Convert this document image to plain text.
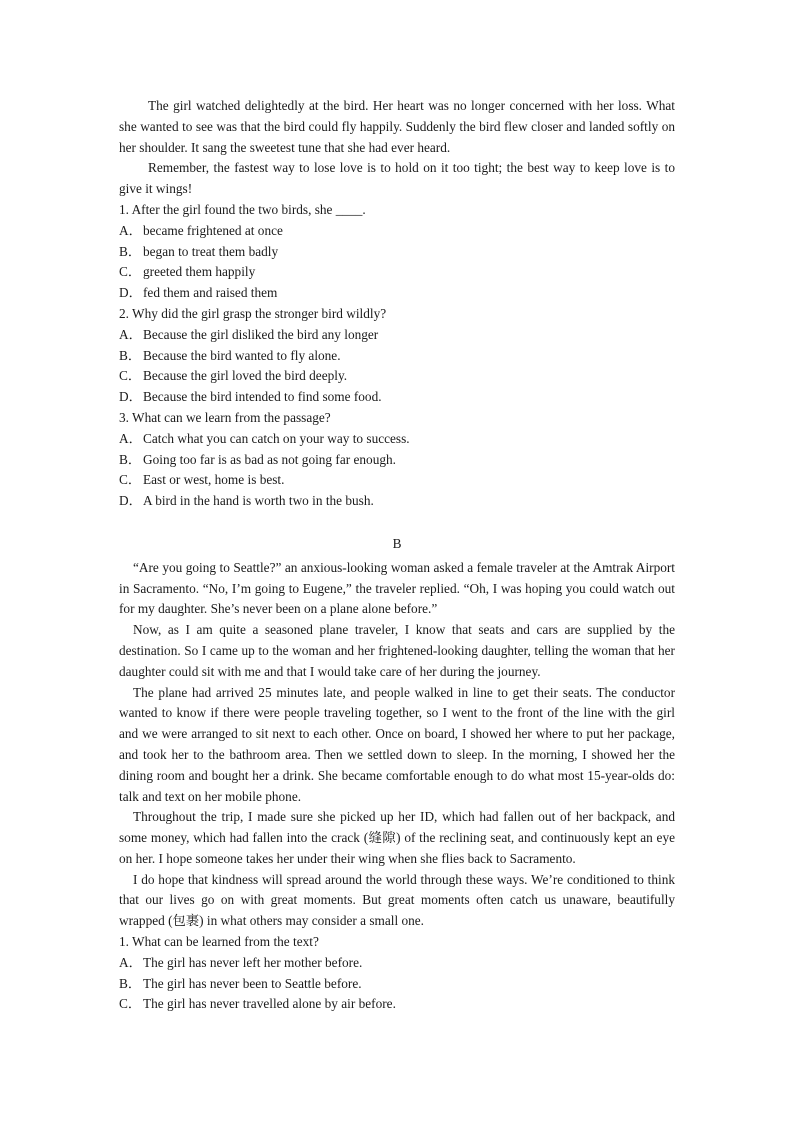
The girl watched delightedly at the bird. Her heart was no longer concerned with her loss. What she wanted to see was that the bird could fly happily. Suddenly the bird flew closer and landed softly on her shoulder. It sang the sweetest tune that she had ever heard.

Remember, the fastest way to lose love is to hold on it too tight; the best way to keep love is to give it wings!

1. After the girl found the two birds, she ____.
A． became frightened at once
B． began to treat them badly
C． greeted them happily
D． fed them and raised them
2. Why did the girl grasp the stronger bird wildly?
A． Because the girl disliked the bird any longer
B． Because the bird wanted to fly alone.
C． Because the girl loved the bird deeply.
D． Because the bird intended to find some food.
3. What can we learn from the passage?
A． Catch what you can catch on your way to success.
B． Going too far is as bad as not going far enough.
C． East or west, home is best.
D． A bird in the hand is worth two in the bush.
B

“Are you going to Seattle?” an anxious-looking woman asked a female traveler at the Amtrak Airport in Sacramento. “No, I’m going to Eugene,” the traveler replied. “Oh, I was hoping you could watch out for my daughter. She’s never been on a plane alone before.”

Now, as I am quite a seasoned plane traveler, I know that seats and cars are supplied by the destination. So I came up to the woman and her frightened-looking daughter, telling the woman that her daughter could sit with me and that I would take care of her during the journey.

The plane had arrived 25 minutes late, and people walked in line to get their seats. The conductor wanted to know if there were people traveling together, so I went to the front of the line with the girl and we were arranged to sit next to each other. Once on board, I showed her where to put her package, and took her to the bathroom area. Then we settled down to sleep. In the morning, I showed her the dining room and bought her a drink. She became comfortable enough to do what most 15-year-olds do: talk and text on her mobile phone.

Throughout the trip, I made sure she picked up her ID, which had fallen out of her backpack, and some money, which had fallen into the crack (缝隙) of the reclining seat, and continuously kept an eye on her. I hope someone takes her under their wing when she flies back to Sacramento.

I do hope that kindness will spread around the world through these ways. We’re conditioned to think that our lives go on with great moments. But great moments often catch us unaware, beautifully wrapped (包裹) in what others may consider a small one.

1. What can be learned from the text?
A． The girl has never left her mother before.
B． The girl has never been to Seattle before.
C． The girl has never travelled alone by air before.
